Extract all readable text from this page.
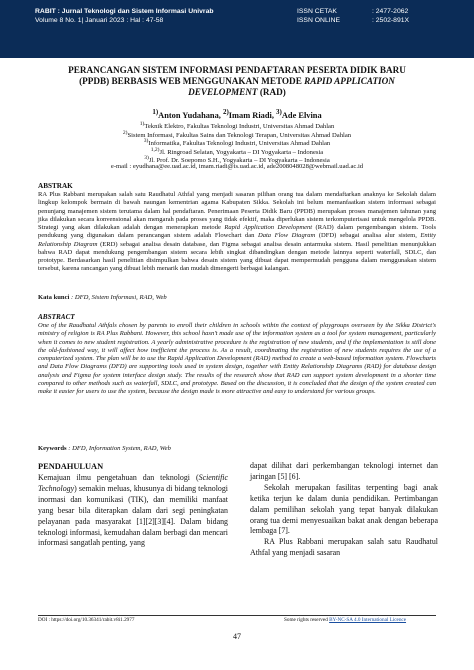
RABIT : Jurnal Teknologi dan Sistem Informasi Univrab
Volume 8 No. 1| Januari 2023 : Hal : 47-58
ISSN CETAK	: 2477-2062
ISSN ONLINE	: 2502-891X
PERANCANGAN SISTEM INFORMASI PENDAFTARAN PESERTA DIDIK BARU
(PPDB) BERBASIS WEB MENGGUNAKAN METODE RAPID APPLICATION
DEVELOPMENT (RAD)
$^{1)}$Anton Yudahana, $^{2)}$Imam Riadi, $^{3)}$Ade Elvina
$^{1)}$Teknik Elektro, Fakultas Teknologi Industri, Universitas Ahmad Dahlan
$^{2)}$Sistem Informasi, Fakultas Sains dan Teknologi Terapan, Universitas Ahmad Dahlan
$^{3)}$Informatika, Fakultas Teknologi Industri, Universitas Ahmad Dahlan
$^{1,2)}$Jl. Ringroad Selatan, Yogyakarta – DI Yogyakarta – Indonesia
$^{3)}$Jl. Prof. Dr. Soepomo S.H., Yogyakarta – DI Yogyakarta – Indonesia
e-mail : eyudhana@ee.uad.ac.id, imam.riadi@is.uad.ac.id, ade2008048028@webmail.uad.ac.id
ABSTRAK
RA Plus Rabbani merupakan salah satu Raudhatul Athfal yang menjadi sasaran pilihan orang tua dalam mendaftarkan anaknya ke Sekolah dalam lingkup kelompok bermain di bawah naungan kementrian agama Kabupaten Sikka. Sekolah ini belum memanfaatkan sistem informasi sebagai penunjang manajemen sistem terutama dalam hal pendaftaran. Penerimaan Peserta Didik Baru (PPDB) merupakan proses manajemen tahunan yang jika dilakukan secara konvensional akan mengarah pada proses yang tidak efektif, maka diperlukan sistem terkomputerisasi untuk mengelola PPDB. Strategi yang akan dilakukan adalah dengan menerapkan metode Rapid Application Development (RAD) dalam pengembangan sistem. Tools pendukung yang digunakan dalam perancangan sistem adalah Flowchart dan Data Flow Diagram (DFD) sebagai analisa alur sistem, Entity Relationship Diagram (ERD) sebagai analisa desain database, dan Figma sebagai analisa desain antarmuka sistem. Hasil penelitian menunjukkan bahwa RAD dapat mendukung pengembangan sistem secara lebih singkat dibandingkan dengan metode lainnya seperti waterfall, SDLC, dan prototype. Berdasarkan hasil penelitian disimpulkan bahwa desain sistem yang dibuat dapat mempermudah pengguna dalam menggunakan sistem tersebut, karena rancangan yang dibuat lebih menarik dan mudah dimengerti berbagai kalangan.
Kata kunci : DFD, Sistem Informasi, RAD, Web
ABSTRACT
One of the Raudhatul Athfals chosen by parents to enroll their children in schools within the context of playgroups overseen by the Sikka District's ministry of religion is RA Plus Rabbani. However, this school hasn't made use of the information system as a tool for system management, particularly when it comes to new student registration. A yearly administrative procedure is the registration of new students, and if the implementation is still done the old-fashioned way, it will affect how inefficient the process is. As a result, coordinating the registration of new students requires the use of a computerized system. The plan will be to use the Rapid Application Development (RAD) method to create a web-based information system. Flowcharts and Data Flow Diagrams (DFD) are supporting tools used in system design, together with Entity Relationship Diagrams (RAD) for database design analysis and Figma for system interface design study. The results of the research show that RAD can support system development in a shorter time compared to other methods such as waterfall, SDLC, and prototype. Based on the discussion, it is concluded that the design of the system created can make it easier for users to use the system, because the design made is more attractive and easy to understand for various groups.
Keywords : DFD, Information System, RAD, Web
PENDAHULUAN
Kemajuan ilmu pengetahuan dan teknologi (Scientific Technology) semakin meluas, khusunya di bidang teknologi inormasi dan komunikasi (TIK), dan memiliki manfaat yang besar bila diterapkan dalam dari segi peningkatan pelayanan pada masyarakat [1][2][3][4]. Dalam bidang teknologi informasi, kemudahan dalam berbagi dan mencari informasi sangatlah penting, yang
dapat dilihat dari perkembangan teknologi internet dan jaringan [5] [6].
Sekolah merupakan fasilitas terpenting bagi anak ketika terjun ke dalam dunia pendidikan. Pertimbangan dalam pemilihan sekolah yang tepat banyak dilakukan orang tua demi menyesuaikan bakat anak dengan beberapa lembaga [7].
RA Plus Rabbani merupakan salah satu Raudhatul Athfal yang menjadi sasaran
DOI : https://doi.org/10.36341/rabit.v8i1.2977	Some rights reserved BY-NC-SA 4.0 International Licence
47
